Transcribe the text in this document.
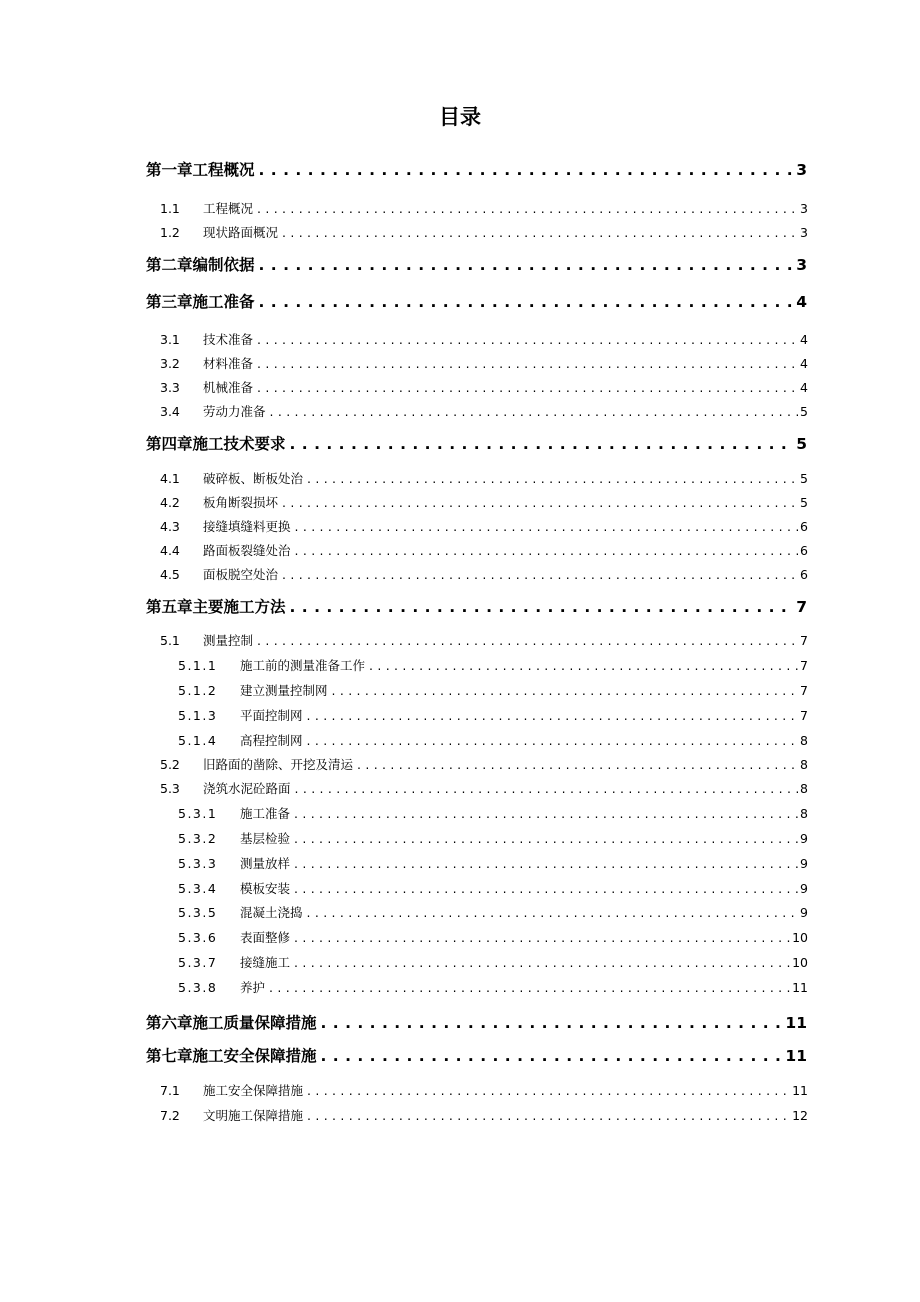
目录
第一章工程概况 . . .	3
1.1	工程概况 . . .	3
1.2	现状路面概况 . . .	3
第二章编制依据 . . .	3
第三章施工准备 . . .	4
3.1	技术准备 . . .	4
3.2	材料准备 . . .	4
3.3	机械准备 . . .	4
3.4	劳动力准备 . . .	5
第四章施工技术要求 . . .	5
4.1	破碎板、断板处治 . . .	5
4.2	板角断裂损坏 . . .	5
4.3	接缝填缝料更换 . . .	6
4.4	路面板裂缝处治 . . .	6
4.5	面板脱空处治 . . .	6
第五章主要施工方法 . . .	7
5.1	测量控制 . . .	7
5.1.1	施工前的测量准备工作 . . .	7
5.1.2	建立测量控制网 . . .	7
5.1.3	平面控制网 . . .	7
5.1.4	高程控制网 . . .	8
5.2	旧路面的凿除、开挖及清运 . . .	8
5.3	浇筑水泥砼路面 . . .	8
5.3.1	施工准备 . . .	8
5.3.2	基层检验 . . .	9
5.3.3	测量放样 . . .	9
5.3.4	模板安装 . . .	9
5.3.5	混凝土浇捣 . . .	9
5.3.6	表面整修 . . .	10
5.3.7	接缝施工 . . .	10
5.3.8	养护 . . .	11
第六章施工质量保障措施 . . .	11
第七章施工安全保障措施 . . .	11
7.1	施工安全保障措施 . . .	11
7.2	文明施工保障措施 . . .	12
